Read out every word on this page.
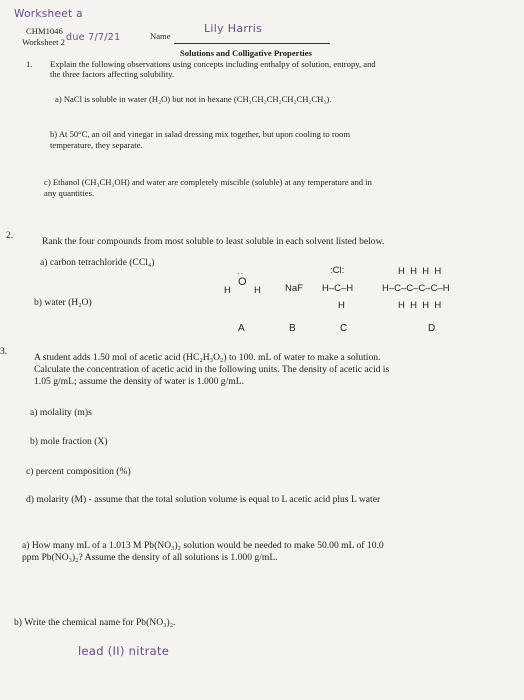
Worksheet a
CHM1046
Worksheet 2 due 7/7/21	Name
Lily Harris
Solutions and Colligative Properties
1. Explain the following observations using concepts including enthalpy of solution, entropy, and
the three factors affecting solubility.
a) NaCl is soluble in water (H₂O) but not in hexane (CH₃CH₂CH₂CH₂CH₂CH₃).
b) At 50°C, an oil and vinegar in salad dressing mix together, but upon cooling to room
temperature, they separate.
c) Ethanol (CH₃CH₂OH) and water are completely miscible (soluble) at any temperature and in
any quantities.
2.
Rank the four compounds from most soluble to least soluble in each solvent listed below.
a) carbon tetrachloride (CCl₄)
b) water (H₂O)
O
··
H H	NaF
:Cl:
H–C–H
H
H  H  H  H
H–C–C–C–C–H
H  H  H  H
A	B	C	D
3.
A student adds 1.50 mol of acetic acid (HC₂H₃O₂) to 100. mL of water to make a solution.
Calculate the concentration of acetic acid in the following units. The density of acetic acid is
1.05 g/mL; assume the density of water is 1.000 g/mL.
a) molality (m)s
b) mole fraction (X)
c) percent composition (%)
d) molarity (M) - assume that the total solution volume is equal to L acetic acid plus L water
a) How many mL of a 1.013 M Pb(NO₃)₂ solution would be needed to make 50.00 mL of 10.0
ppm Pb(NO₃)₂? Assume the density of all solutions is 1.000 g/mL.
b) Write the chemical name for Pb(NO₃)₂.
lead (II) nitrate
